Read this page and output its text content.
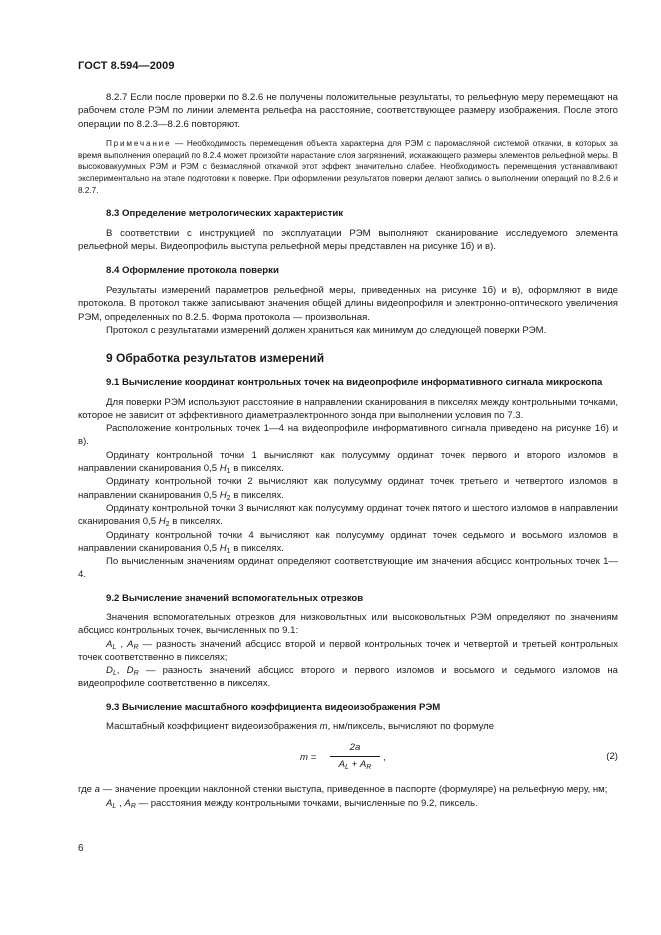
ГОСТ 8.594—2009

8.2.7 Если после проверки по 8.2.6 не получены положительные результаты, то рельефную меру перемещают на рабочем столе РЭМ по линии элемента рельефа на расстояние, соответствующее размеру изображения. После этого операции по 8.2.3—8.2.6 повторяют.

Примечание — Необходимость перемещения объекта характерна для РЭМ с паромасляной системой откачки, в которых за время выполнения операций по 8.2.4 может произойти нарастание слоя загрязнений, искажающего размеры элементов рельефной меры. В высоковакуумных РЭМ и РЭМ с безмасляной откачкой этот эффект значительно слабее. Необходимость перемещения устанавливают экспериментально на этапе подготовки к поверке. При оформлении результатов поверки делают запись о выполнении операций по 8.2.6 и 8.2.7.

8.3 Определение метрологических характеристик

В соответствии с инструкцией по эксплуатации РЭМ выполняют сканирование исследуемого элемента рельефной меры. Видеопрофиль выступа рельефной меры представлен на рисунке 1б) и в).

8.4 Оформление протокола поверки

Результаты измерений параметров рельефной меры, приведенных на рисунке 1б) и в), оформляют в виде протокола. В протокол также записывают значения общей длины видеопрофиля и электронно-оптического увеличения РЭМ, определенных по 8.2.5. Форма протокола — произвольная.

Протокол с результатами измерений должен храниться как минимум до следующей поверки РЭМ.

9 Обработка результатов измерений

9.1 Вычисление координат контрольных точек на видеопрофиле информативного сигнала микроскопа

Для поверки РЭМ используют расстояние в направлении сканирования в пикселях между контрольными точками, которое не зависит от эффективного диаметраэлектронного зонда при выполнении условия по 7.3.

Расположение контрольных точек 1—4 на видеопрофиле информативного сигнала приведено на рисунке 1б) и в).

Ординату контрольной точки 1 вычисляют как полусумму ординат точек первого и второго изломов в направлении сканирования 0,5 $H_1$ в пикселях.

Ординату контрольной точки 2 вычисляют как полусумму ординат точек третьего и четвертого изломов в направлении сканирования 0,5 $H_2$ в пикселях.

Ординату контрольной точки 3 вычисляют как полусумму ординат точек пятого и шестого изломов в направлении сканирования 0,5 $H_2$ в пикселях.

Ординату контрольной точки 4 вычисляют как полусумму ординат точек седьмого и восьмого изломов в направлении сканирования 0,5 $H_1$ в пикселях.

По вычисленным значениям ординат определяют соответствующие им значения абсцисс контрольных точек 1—4.

9.2 Вычисление значений вспомогательных отрезков

Значения вспомогательных отрезков для низковольтных или высоковольтных РЭМ определяют по значениям абсцисс контрольных точек, вычисленных по 9.1:

$A_L$ , $A_R$ — разность значений абсцисс второй и первой контрольных точек и четвертой и третьей контрольных точек соответственно в пикселях;

$D_L$, $D_R$ — разность значений абсцисс второго и первого изломов и восьмого и седьмого изломов на видеопрофиле соответственно в пикселях.

9.3 Вычисление масштабного коэффициента видеоизображения РЭМ

Масштабный коэффициент видеоизображения m, нм/пиксель, вычисляют по формуле

$m = \frac{2a}{A_L + A_R}$ ,	(2)

где a — значение проекции наклонной стенки выступа, приведенное в паспорте (формуляре) на рельефную меру, нм;

$A_L$ , $A_R$ — расстояния между контрольными точками, вычисленные по 9.2, пиксель.

6
